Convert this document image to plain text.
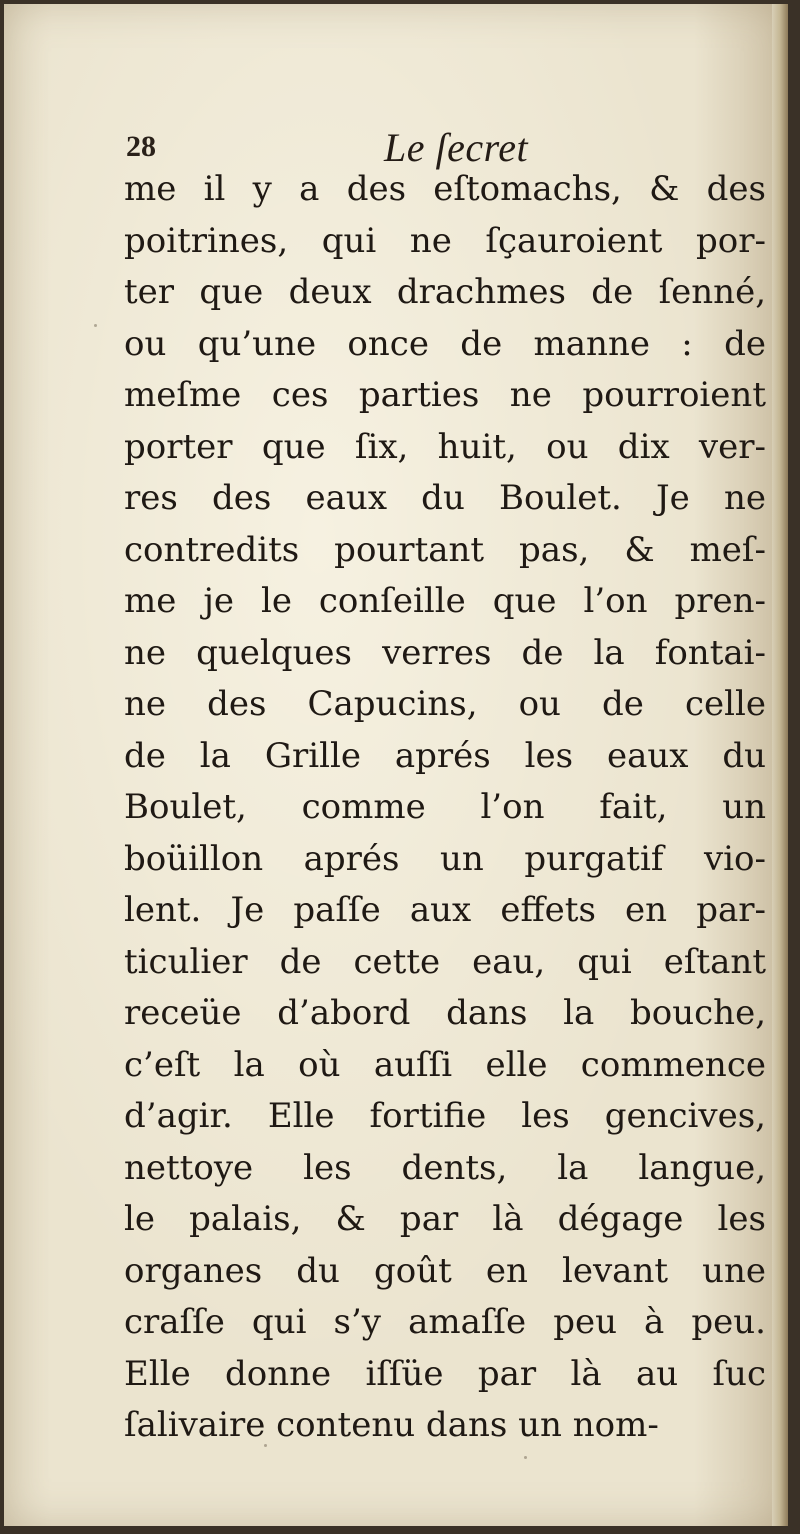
28	Le ſecret
me il y a des eſtomachs, & des
poitrines, qui ne ſçauroient por-
ter que deux drachmes de ſenné,
ou qu’une once de manne : de
meſme ces parties ne pourroient
porter que ſix, huit, ou dix ver-
res des eaux du Boulet. Je ne
contredits pourtant pas, & meſ-
me je le conſeille que l’on pren-
ne quelques verres de la fontai-
ne des Capucins, ou de celle
de la Grille aprés les eaux du
Boulet, comme l’on fait, un
boüillon aprés un purgatif vio-
lent. Je paſſe aux effets en par-
ticulier de cette eau, qui eſtant
receüe d’abord dans la bouche,
c’eſt la où auſſi elle commence
d’agir. Elle fortifie les gencives,
nettoye les dents, la langue,
le palais, & par là dégage les
organes du goût en levant une
craſſe qui s’y amaſſe peu à peu.
Elle donne iſſüe par là au ſuc
ſalivaire contenu dans un nom-
